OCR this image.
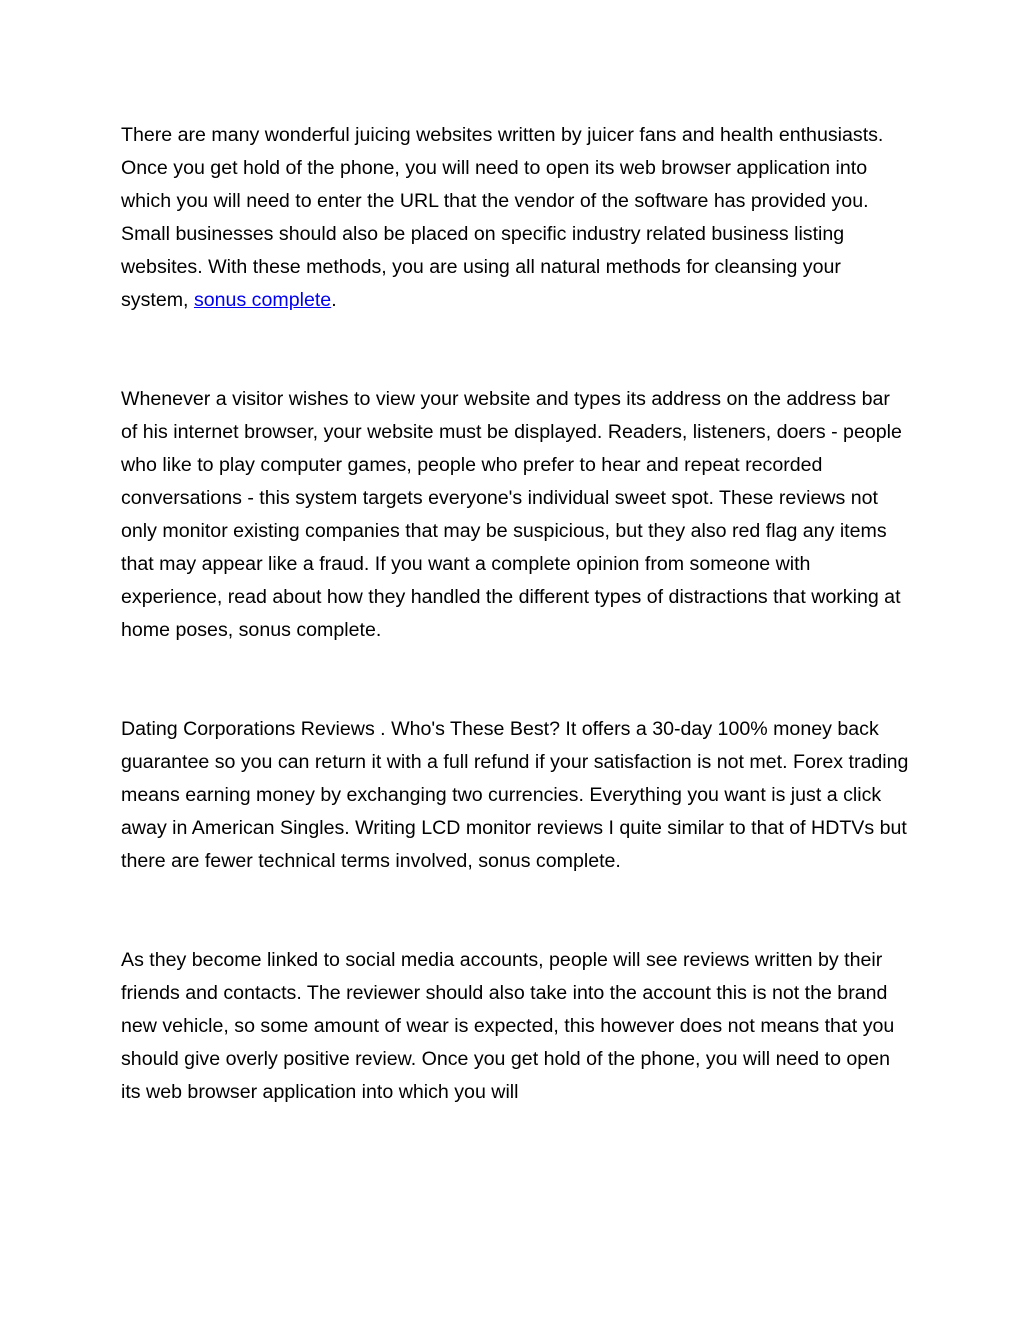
There are many wonderful juicing websites written by juicer fans and health enthusiasts. Once you get hold of the phone, you will need to open its web browser application into which you will need to enter the URL that the vendor of the software has provided you. Small businesses should also be placed on specific industry related business listing websites. With these methods, you are using all natural methods for cleansing your system, sonus complete.

Whenever a visitor wishes to view your website and types its address on the address bar of his internet browser, your website must be displayed. Readers, listeners, doers - people who like to play computer games, people who prefer to hear and repeat recorded conversations - this system targets everyone's individual sweet spot. These reviews not only monitor existing companies that may be suspicious, but they also red flag any items that may appear like a fraud. If you want a complete opinion from someone with experience, read about how they handled the different types of distractions that working at home poses, sonus complete.

Dating Corporations Reviews . Who's These Best? It offers a 30-day 100% money back guarantee so you can return it with a full refund if your satisfaction is not met. Forex trading means earning money by exchanging two currencies. Everything you want is just a click away in American Singles. Writing LCD monitor reviews I quite similar to that of HDTVs but there are fewer technical terms involved, sonus complete.

As they become linked to social media accounts, people will see reviews written by their friends and contacts. The reviewer should also take into the account this is not the brand new vehicle, so some amount of wear is expected, this however does not means that you should give overly positive review. Once you get hold of the phone, you will need to open its web browser application into which you will
